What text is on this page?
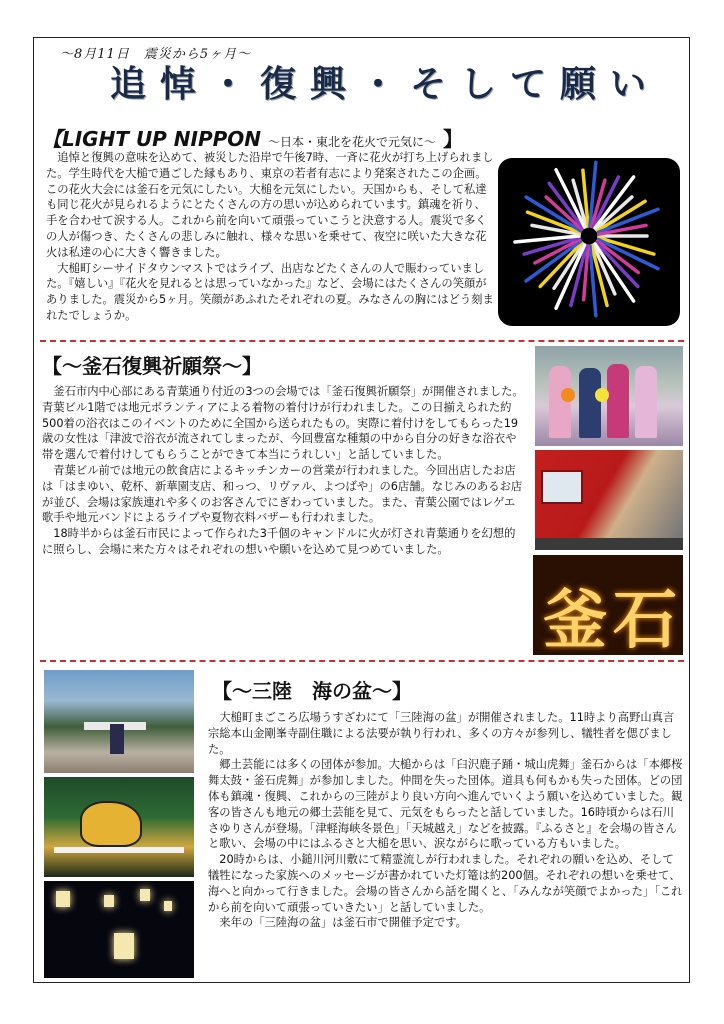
～8月11日　震災から5ヶ月～
追悼・復興・そして願い
【LIGHT UP NIPPON ～日本・東北を花火で元気に～ 】

追悼と復興の意味を込めて、被災した沿岸で午後7時、一斉に花火が打ち上げられました。学生時代を大槌で過ごした縁もあり、東京の若者有志により発案されたこの企画。この花火大会には釜石を元気にしたい。大槌を元気にしたい。天国からも、そして私達も同じ花火が見られるようにとたくさんの方の思いが込められています。鎮魂を祈り、手を合わせて涙する人。これから前を向いて頑張っていこうと決意する人。震災で多くの人が傷つき、たくさんの悲しみに触れ、様々な思いを乗せて、夜空に咲いた大きな花火は私達の心に大きく響きました。

大槌町シーサイドタウンマストではライブ、出店などたくさんの人で賑わっていました。『嬉しい』『花火を見れるとは思っていなかった』など、会場にはたくさんの笑顔がありました。震災から5ヶ月。笑顔があふれたそれぞれの夏。みなさんの胸にはどう刻まれたでしょうか。

【～釜石復興祈願祭～】

釜石市内中心部にある青葉通り付近の3つの会場では「釜石復興祈願祭」が開催されました。青葉ビル1階では地元ボランティアによる着物の着付けが行われました。この日揃えられた約500着の浴衣はこのイベントのために全国から送られたもの。実際に着付けをしてもらった19歳の女性は「津波で浴衣が流されてしまったが、今回豊富な種類の中から自分の好きな浴衣や帯を選んで着付けしてもらうことができて本当にうれしい」と話していました。

青葉ビル前では地元の飲食店によるキッチンカーの営業が行われました。今回出店したお店は「はまゆい、乾杯、新華園支店、和っつ、リヴァル、よつばや」の6店舗。なじみのあるお店が並び、会場は家族連れや多くのお客さんでにぎわっていました。また、青葉公園ではレゲエ歌手や地元バンドによるライブや夏物衣料バザーも行われました。

18時半からは釜石市民によって作られた3千個のキャンドルに火が灯され青葉通りを幻想的に照らし、会場に来た方々はそれぞれの想いや願いを込めて見つめていました。

釜石
【～三陸　海の盆～】

大槌町まごころ広場うすざわにて「三陸海の盆」が開催されました。11時より高野山真言宗総本山金剛峯寺副住職による法要が執り行われ、多くの方々が参列し、犠牲者を偲びました。

郷土芸能には多くの団体が参加。大槌からは「臼沢鹿子踊・城山虎舞」釜石からは「本郷桜舞太鼓・釜石虎舞」が参加しました。仲間を失った団体。道具も何もかも失った団体。どの団体も鎮魂・復興、これからの三陸がより良い方向へ進んでいくよう願いを込めていました。観客の皆さんも地元の郷土芸能を見て、元気をもらったと話していました。16時頃からは石川さゆりさんが登場。「津軽海峡冬景色」「天城越え」などを披露。『ふるさと』を会場の皆さんと歌い、会場の中にはふるさと大槌を思い、涙ながらに歌っている方もいました。

20時からは、小鎚川河川敷にて精霊流しが行われました。それぞれの願いを込め、そして犠牲になった家族へのメッセージが書かれていた灯篭は約200個。それぞれの想いを乗せて、海へと向かって行きました。会場の皆さんから話を聞くと、「みんなが笑顔でよかった」「これから前を向いて頑張っていきたい」と話していました。

来年の「三陸海の盆」は釜石市で開催予定です。
